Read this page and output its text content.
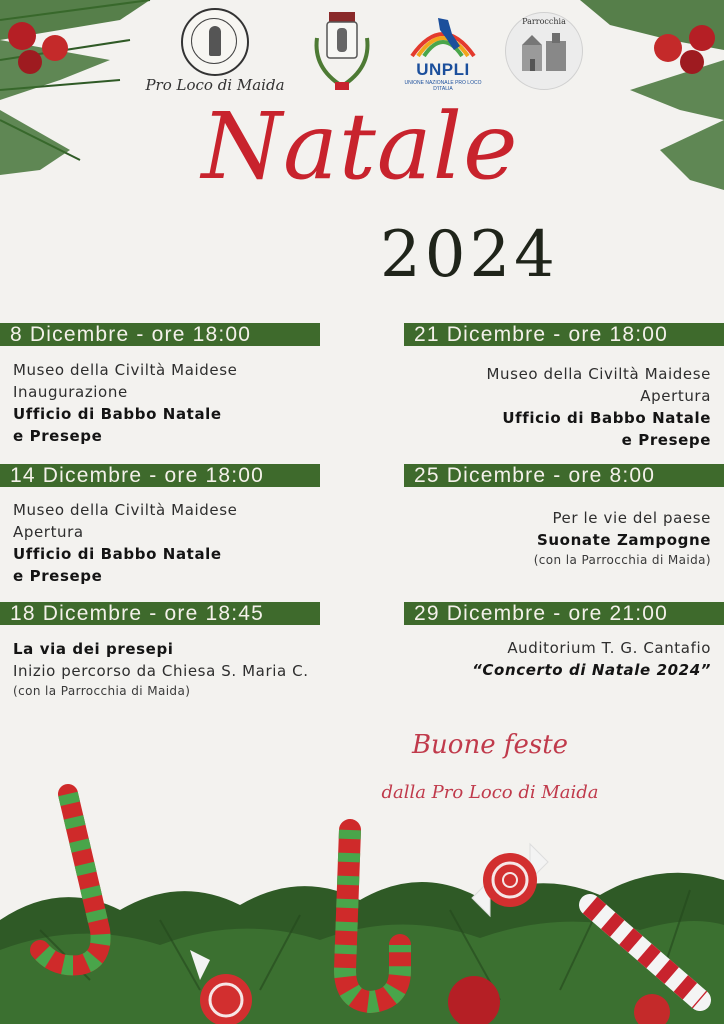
Pro Loco di Maida
UNPLI
UNIONE NAZIONALE PRO LOCO D'ITALIA
Parrocchia
Natale
2024
8 Dicembre - ore 18:00
Museo della Civiltà Maidese
Inaugurazione
Ufficio di Babbo Natale
e Presepe
21 Dicembre - ore 18:00
Museo della Civiltà Maidese
Apertura
Ufficio di Babbo Natale
e Presepe
14 Dicembre - ore 18:00
Museo della Civiltà Maidese
Apertura
Ufficio di Babbo Natale
e Presepe
25 Dicembre - ore 8:00
Per le vie del paese
Suonate Zampogne
(con la Parrocchia di Maida)
18 Dicembre - ore 18:45
La via dei presepi
Inizio percorso da Chiesa S. Maria C.
(con la Parrocchia di Maida)
29 Dicembre - ore 21:00
Auditorium T. G. Cantafio
“Concerto di Natale 2024”
Buone feste
dalla Pro Loco di Maida
